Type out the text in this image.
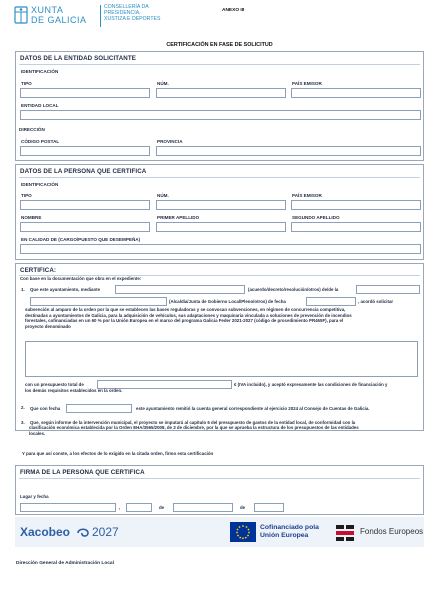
XUNTA
DE GALICIA
CONSELLERÍA DA
PRESIDENCIA,
XUSTIZA E DEPORTES
ANEXO III
CERTIFICACIÓN EN FASE DE SOLICITUD
DATOS DE LA ENTIDAD SOLICITANTE
IDENTIFICACIÓN
TIPO	NÚM.	PAÍS EMISOR
ENTIDAD LOCAL
DIRECCIÓN
CÓDIGO POSTAL	PROVINCIA
DATOS DE LA PERSONA QUE CERTIFICA
IDENTIFICACIÓN
TIPO	NÚM.	PAÍS EMISOR
NOMBRE	PRIMER APELLIDO	SEGUNDO APELLIDO
EN CALIDAD DE (CARGO/PUESTO QUE DESEMPEÑA)
CERTIFICA:
Con base en la documentación que obra en el expediente:
1. Que este ayuntamiento, mediante	(acuerdo/decreto/resolución/otros) de/de la
(Alcaldía/Junta de Gobierno Local/Pleno/otros) de fecha	, acordó solicitar
subvención al amparo de la orden por la que se establecen las bases reguladoras y se convocan subvenciones, en régimen de concurrencia competitiva,
destinadas a ayuntamientos de Galicia, para la adquisición de vehículos, sus adaptaciones y maquinaria vinculada a soluciones de prevención de incendios
forestales, cofinanciadas en un 60 % por la Unión Europea en el marco del programa Galicia Feder 2021-2027 (código de procedimiento PR465F), para el
proyecto denominado
con un presupuesto total de	€ (IVA incluido), y aceptó expresamente las condiciones de financiación y
los demás requisitos establecidos en la orden.
2. Que con fecha	este ayuntamiento remitió la cuenta general correspondiente al ejercicio 2024 al Consejo de Cuentas de Galicia.
3. Que, según informe de la intervención municipal, el proyecto se imputará al capítulo 6 del presupuesto de gastos de la entidad local, de conformidad con la
clasificación económica establecida por la Orden EHA/3565/2008, de 3 de diciembre, por la que se aprueba la estructura de los presupuestos de las entidades
locales.
Y para que así conste, a los efectos de lo exigido en la citada orden, firmo esta certificación
FIRMA DE LA PERSONA QUE CERTIFICA
Lugar y fecha
,	de	de
Xacobeo 2027	Cofinanciado pola
Unión Europea	Fondos Europeos
Dirección General de Administración Local
